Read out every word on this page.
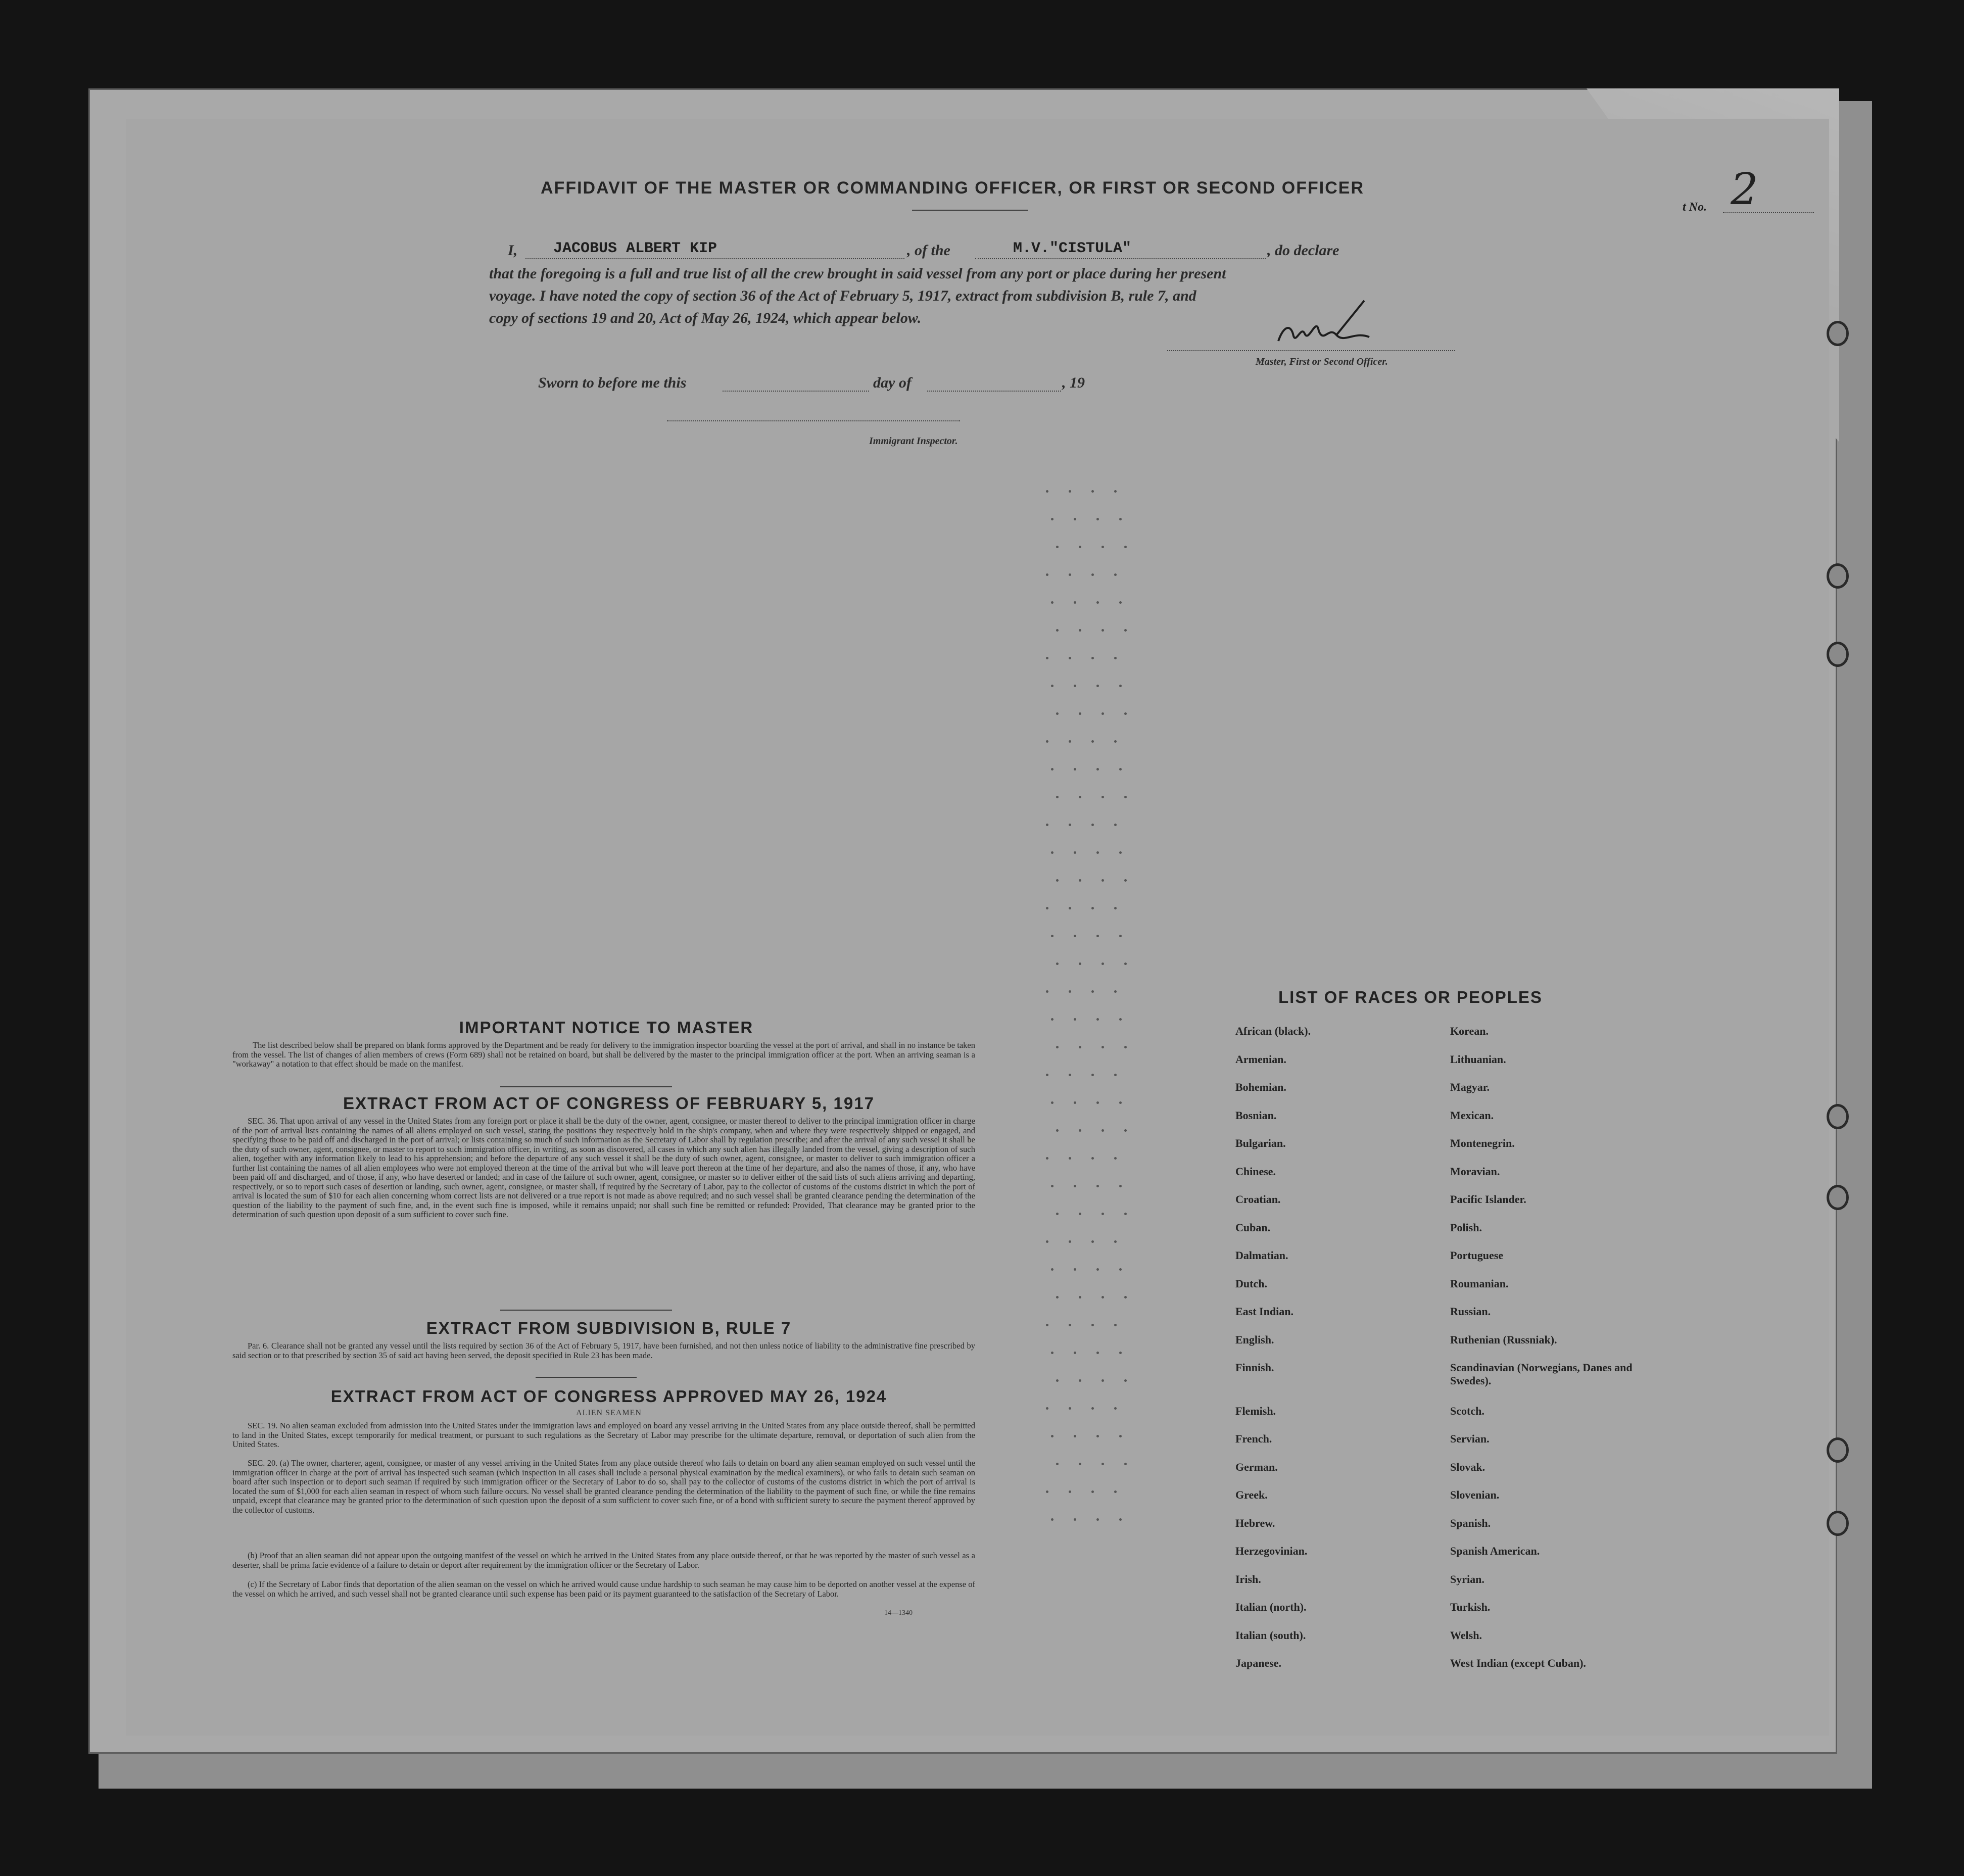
AFFIDAVIT OF THE MASTER OR COMMANDING OFFICER, OR FIRST OR SECOND OFFICER
t No. 2
I,	JACOBUS ALBERT KIP	, of the	M.V."CISTULA"	, do declare
that the foregoing is a full and true list of all the crew brought in said vessel from any port or place during her present
voyage. I have noted the copy of section 36 of the Act of February 5, 1917, extract from subdivision B, rule 7, and
copy of sections 19 and 20, Act of May 26, 1924, which appear below.
Master, First or Second Officer.
Sworn to before me this	day of	, 19
Immigrant Inspector.
IMPORTANT NOTICE TO MASTER
The list described below shall be prepared on blank forms approved by the Department and be ready for delivery to the immigration inspector boarding the vessel at the port of arrival, and shall in no instance be taken from the vessel. The list of changes of alien members of crews (Form 689) shall not be retained on board, but shall be delivered by the master to the principal immigration officer at the port. When an arriving seaman is a "workaway" a notation to that effect should be made on the manifest.
EXTRACT FROM ACT OF CONGRESS OF FEBRUARY 5, 1917
SEC. 36. That upon arrival of any vessel in the United States from any foreign port or place it shall be the duty of the owner, agent, consignee, or master thereof to deliver to the principal immigration officer in charge of the port of arrival lists containing the names of all aliens employed on such vessel, stating the positions they respectively hold in the ship's company, when and where they were respectively shipped or engaged, and specifying those to be paid off and discharged in the port of arrival; or lists containing so much of such information as the Secretary of Labor shall by regulation prescribe; and after the arrival of any such vessel it shall be the duty of such owner, agent, consignee, or master to report to such immigration officer, in writing, as soon as discovered, all cases in which any such alien has illegally landed from the vessel, giving a description of such alien, together with any information likely to lead to his apprehension; and before the departure of any such vessel it shall be the duty of such owner, agent, consignee, or master to deliver to such immigration officer a further list containing the names of all alien employees who were not employed thereon at the time of the arrival but who will leave port thereon at the time of her departure, and also the names of those, if any, who have been paid off and discharged, and of those, if any, who have deserted or landed; and in case of the failure of such owner, agent, consignee, or master so to deliver either of the said lists of such aliens arriving and departing, respectively, or so to report such cases of desertion or landing, such owner, agent, consignee, or master shall, if required by the Secretary of Labor, pay to the collector of customs of the customs district in which the port of arrival is located the sum of $10 for each alien concerning whom correct lists are not delivered or a true report is not made as above required; and no such vessel shall be granted clearance pending the determination of the question of the liability to the payment of such fine, and, in the event such fine is imposed, while it remains unpaid; nor shall such fine be remitted or refunded: Provided, That clearance may be granted prior to the determination of such question upon deposit of a sum sufficient to cover such fine.
EXTRACT FROM SUBDIVISION B, RULE 7
Par. 6. Clearance shall not be granted any vessel until the lists required by section 36 of the Act of February 5, 1917, have been furnished, and not then unless notice of liability to the administrative fine prescribed by said section or to that prescribed by section 35 of said act having been served, the deposit specified in Rule 23 has been made.
EXTRACT FROM ACT OF CONGRESS APPROVED MAY 26, 1924
ALIEN SEAMEN
SEC. 19. No alien seaman excluded from admission into the United States under the immigration laws and employed on board any vessel arriving in the United States from any place outside thereof, shall be permitted to land in the United States, except temporarily for medical treatment, or pursuant to such regulations as the Secretary of Labor may prescribe for the ultimate departure, removal, or deportation of such alien from the United States.
SEC. 20. (a) The owner, charterer, agent, consignee, or master of any vessel arriving in the United States from any place outside thereof who fails to detain on board any alien seaman employed on such vessel until the immigration officer in charge at the port of arrival has inspected such seaman (which inspection in all cases shall include a personal physical examination by the medical examiners), or who fails to detain such seaman on board after such inspection or to deport such seaman if required by such immigration officer or the Secretary of Labor to do so, shall pay to the collector of customs of the customs district in which the port of arrival is located the sum of $1,000 for each alien seaman in respect of whom such failure occurs. No vessel shall be granted clearance pending the determination of the liability to the payment of such fine, or while the fine remains unpaid, except that clearance may be granted prior to the determination of such question upon the deposit of a sum sufficient to cover such fine, or of a bond with sufficient surety to secure the payment thereof approved by the collector of customs.
(b) Proof that an alien seaman did not appear upon the outgoing manifest of the vessel on which he arrived in the United States from any place outside thereof, or that he was reported by the master of such vessel as a deserter, shall be prima facie evidence of a failure to detain or deport after requirement by the immigration officer or the Secretary of Labor.
(c) If the Secretary of Labor finds that deportation of the alien seaman on the vessel on which he arrived would cause undue hardship to such seaman he may cause him to be deported on another vessel at the expense of the vessel on which he arrived, and such vessel shall not be granted clearance until such expense has been paid or its payment guaranteed to the satisfaction of the Secretary of Labor.
14—1340
LIST OF RACES OR PEOPLES
African (black).
Armenian.
Bohemian.
Bosnian.
Bulgarian.
Chinese.
Croatian.
Cuban.
Dalmatian.
Dutch.
East Indian.
English.
Finnish.
Flemish.
French.
German.
Greek.
Hebrew.
Herzegovinian.
Irish.
Italian (north).
Italian (south).
Japanese.
Korean.
Lithuanian.
Magyar.
Mexican.
Montenegrin.
Moravian.
Pacific Islander.
Polish.
Portuguese
Roumanian.
Russian.
Ruthenian (Russniak).
Scandinavian (Norwegians, Danes and Swedes).
Scotch.
Servian.
Slovak.
Slovenian.
Spanish.
Spanish American.
Syrian.
Turkish.
Welsh.
West Indian (except Cuban).
